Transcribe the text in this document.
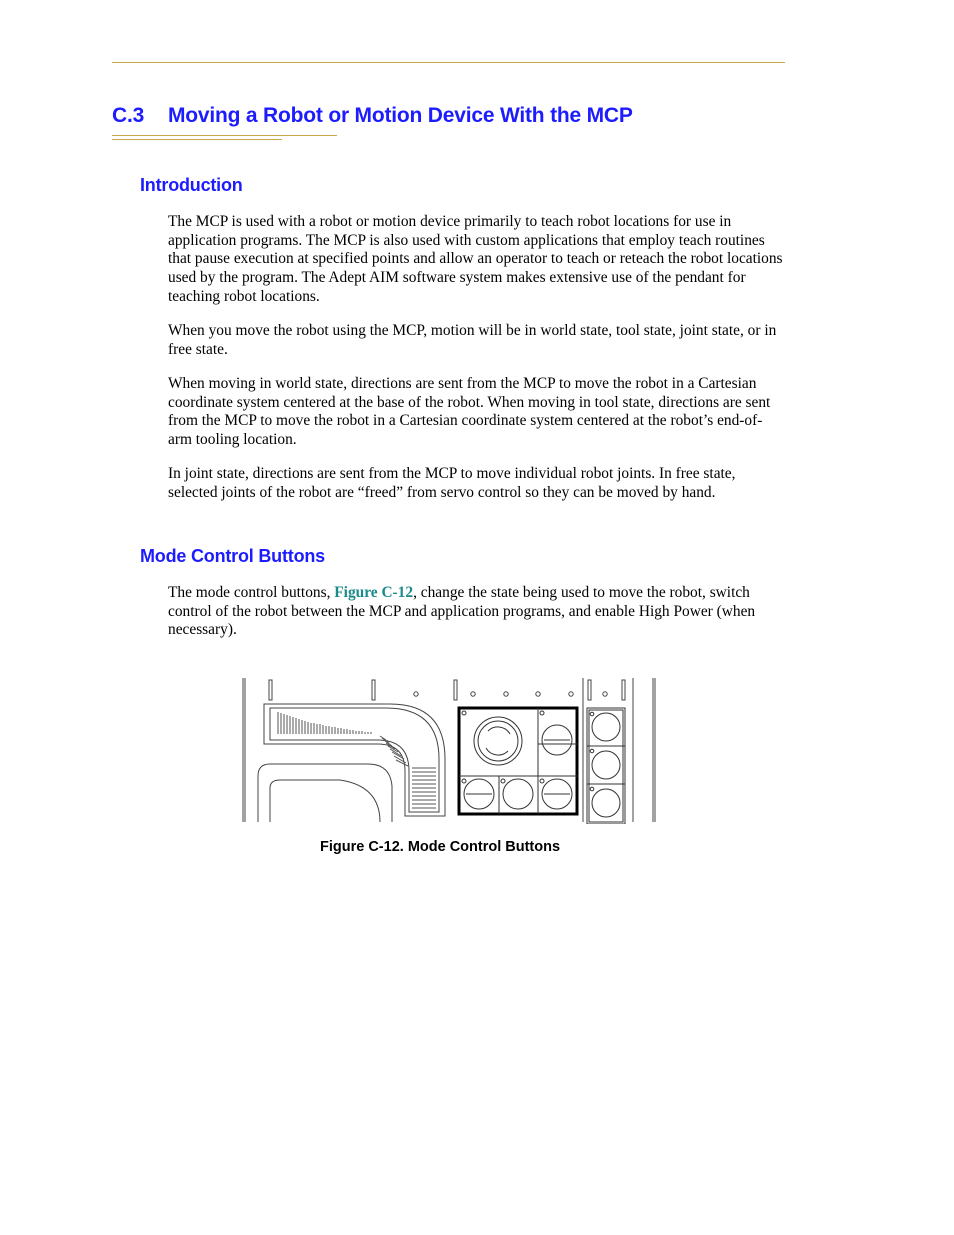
C.3 Moving a Robot or Motion Device With the MCP
Introduction

The MCP is used with a robot or motion device primarily to teach robot locations for use in application programs. The MCP is also used with custom applications that employ teach routines that pause execution at specified points and allow an operator to teach or reteach the robot locations used by the program. The Adept AIM software system makes extensive use of the pendant for teaching robot locations.

When you move the robot using the MCP, motion will be in world state, tool state, joint state, or in free state.

When moving in world state, directions are sent from the MCP to move the robot in a Cartesian coordinate system centered at the base of the robot. When moving in tool state, directions are sent from the MCP to move the robot in a Cartesian coordinate system centered at the robot’s end-of-arm tooling location.

In joint state, directions are sent from the MCP to move individual robot joints. In free state, selected joints of the robot are “freed” from servo control so they can be moved by hand.

Mode Control Buttons

The mode control buttons, Figure C-12, change the state being used to move the robot, switch control of the robot between the MCP and application programs, and enable High Power (when necessary).

Figure C-12. Mode Control Buttons
